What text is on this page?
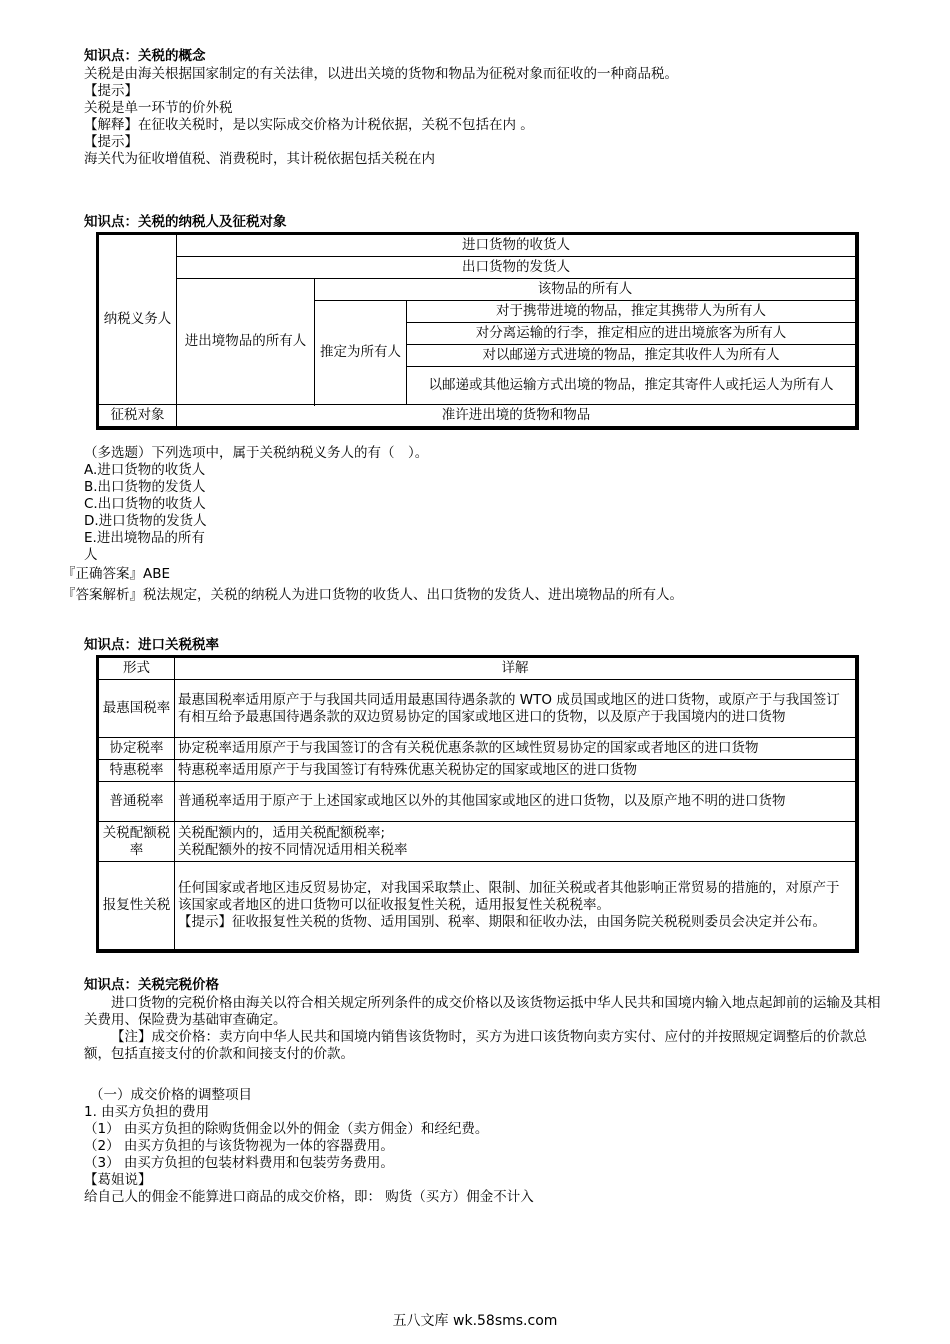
知识点：关税的概念
关税是由海关根据国家制定的有关法律，以进出关境的货物和物品为征税对象而征收的一种商品税。
【提示】
关税是单一环节的价外税
【解释】在征收关税时，是以实际成交价格为计税依据，关税不包括在内 。
【提示】
海关代为征收增值税、消费税时，其计税依据包括关税在内
知识点：关税的纳税人及征税对象
纳税义务人	进口货物的收货人		
	出口货物的发货人		
	进出境物品的所有人	该物品的所有人	
		推定为所有人	对于携带进境的物品，推定其携带人为所有人
			对分离运输的行李，推定相应的进出境旅客为所有人
			对以邮递方式进境的物品，推定其收件人为所有人
			以邮递或其他运输方式出境的物品，推定其寄件人或托运人为所有人

征税对象	准许进出境的货物和物品		
（多选题）下列选项中，属于关税纳税义务人的有（　）。
A.进口货物的收货人
B.出口货物的发货人
C.出口货物的收货人
D.进口货物的发货人
E.进出境物品的所有
人
『正确答案』ABE
『答案解析』税法规定，关税的纳税人为进口货物的收货人、出口货物的发货人、进出境物品的所有人。
知识点：进口关税税率
形式	详解
最惠国税率	最惠国税率适用原产于与我国共同适用最惠国待遇条款的 WTO 成员国或地区的进口货物，或原产于与我国签订有相互给予最惠国待遇条款的双边贸易协定的国家或地区进口的货物，以及原产于我国境内的进口货物
协定税率	协定税率适用原产于与我国签订的含有关税优惠条款的区域性贸易协定的国家或者地区的进口货物
特惠税率	特惠税率适用原产于与我国签订有特殊优惠关税协定的国家或地区的进口货物
普通税率	普通税率适用于原产于上述国家或地区以外的其他国家或地区的进口货物，以及原产地不明的进口货物
关税配额税率	关税配额内的，适用关税配额税率;
关税配额外的按不同情况适用相关税率

报复性关税	任何国家或者地区违反贸易协定，对我国采取禁止、限制、加征关税或者其他影响正常贸易的措施的，对原产于该国家或者地区的进口货物可以征收报复性关税，适用报复性关税税率。
【提示】征收报复性关税的货物、适用国别、税率、期限和征收办法，由国务院关税税则委员会决定并公布。
知识点：关税完税价格
进口货物的完税价格由海关以符合相关规定所列条件的成交价格以及该货物运抵中华人民共和国境内输入地点起卸前的运输及其相关费用、保险费为基础审查确定。
【注】成交价格：卖方向中华人民共和国境内销售该货物时，买方为进口该货物向卖方实付、应付的并按照规定调整后的价款总额，包括直接支付的价款和间接支付的价款。
（一）成交价格的调整项目
1. 由买方负担的费用
（1） 由买方负担的除购货佣金以外的佣金（卖方佣金）和经纪费。
（2） 由买方负担的与该货物视为一体的容器费用。
（3） 由买方负担的包装材料费用和包装劳务费用。
【葛姐说】
给自己人的佣金不能算进口商品的成交价格，即： 购货（买方）佣金不计入
五八文库 wk.58sms.com
